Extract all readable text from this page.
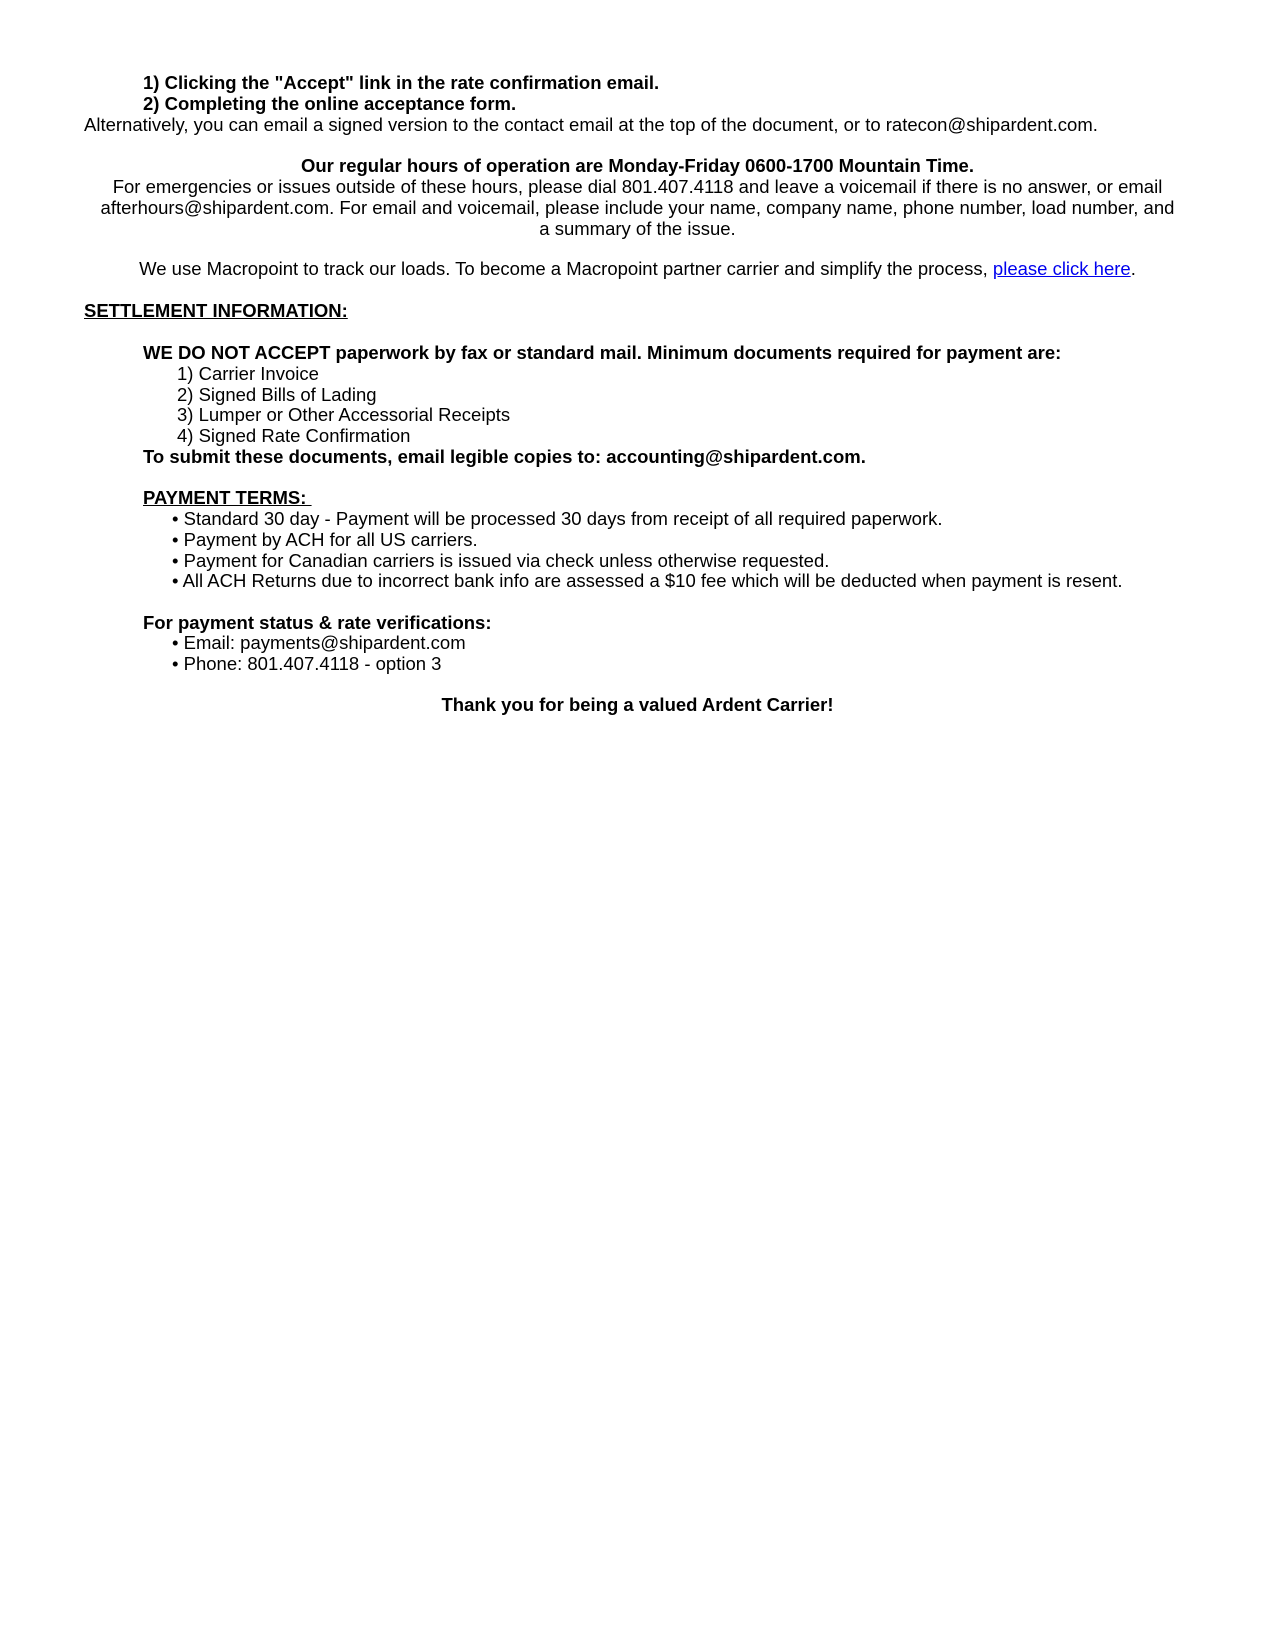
1) Clicking the "Accept" link in the rate confirmation email.
2) Completing the online acceptance form.
Alternatively, you can email a signed version to the contact email at the top of the document, or to ratecon@shipardent.com.
Our regular hours of operation are Monday-Friday 0600-1700 Mountain Time.
For emergencies or issues outside of these hours, please dial 801.407.4118 and leave a voicemail if there is no answer, or email
afterhours@shipardent.com. For email and voicemail, please include your name, company name, phone number, load number, and
a summary of the issue.
We use Macropoint to track our loads. To become a Macropoint partner carrier and simplify the process, please click here.
SETTLEMENT INFORMATION:
WE DO NOT ACCEPT paperwork by fax or standard mail. Minimum documents required for payment are:
1) Carrier Invoice
2) Signed Bills of Lading
3) Lumper or Other Accessorial Receipts
4) Signed Rate Confirmation
To submit these documents, email legible copies to: accounting@shipardent.com.
PAYMENT TERMS:
• Standard 30 day - Payment will be processed 30 days from receipt of all required paperwork.
• Payment by ACH for all US carriers.
• Payment for Canadian carriers is issued via check unless otherwise requested.
• All ACH Returns due to incorrect bank info are assessed a $10 fee which will be deducted when payment is resent.
For payment status & rate verifications:
• Email: payments@shipardent.com
• Phone: 801.407.4118 - option 3
Thank you for being a valued Ardent Carrier!
